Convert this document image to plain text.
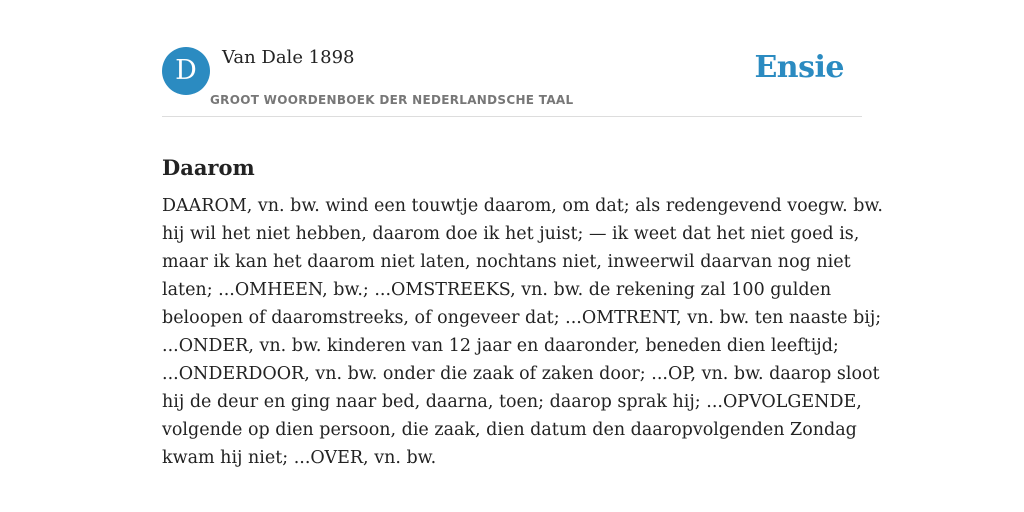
D	Van Dale 1898
GROOT WOORDENBOEK DER NEDERLANDSCHE TAAL
Ensie
Daarom

DAAROM, vn. bw. wind een touwtje daarom, om dat; als redengevend voegw. bw.
hij wil het niet hebben, daarom doe ik het juist; — ik weet dat het niet goed is,
maar ik kan het daarom niet laten, nochtans niet, inweerwil daarvan nog niet
laten; ...OMHEEN, bw.; ...OMSTREEKS, vn. bw. de rekening zal 100 gulden
beloopen of daaromstreeks, of ongeveer dat; ...OMTRENT, vn. bw. ten naaste bij;
...ONDER, vn. bw. kinderen van 12 jaar en daaronder, beneden dien leeftijd;
...ONDERDOOR, vn. bw. onder die zaak of zaken door; ...OP, vn. bw. daarop sloot
hij de deur en ging naar bed, daarna, toen; daarop sprak hij; ...OPVOLGENDE,
volgende op dien persoon, die zaak, dien datum den daaropvolgenden Zondag
kwam hij niet; ...OVER, vn. bw.
